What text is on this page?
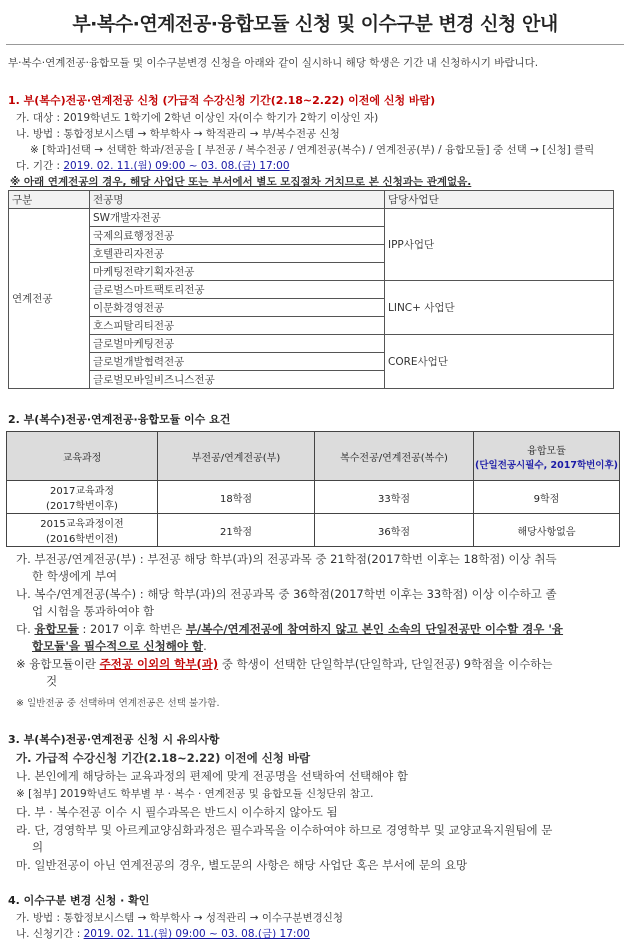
부·복수·연계전공·융합모듈 신청 및 이수구분 변경 신청 안내
부·복수·연계전공·융합모듈 및 이수구분변경 신청을 아래와 같이 실시하니 해당 학생은 기간 내 신청하시기 바랍니다.
1. 부(복수)전공·연계전공 신청 (가급적 수강신청 기간(2.18~2.22) 이전에 신청 바람)
가. 대상 : 2019학년도 1학기에 2학년 이상인 자(이수 학기가 2학기 이상인 자)
나. 방법 : 통합정보시스템 → 학부학사 → 학적관리 → 부/복수전공 신청
※ [학과]선택 → 선택한 학과/전공을 [ 부전공 / 복수전공 / 연계전공(복수) / 연계전공(부) / 융합모듈] 중 선택 → [신청] 클릭
다. 기간 : 2019. 02. 11.(월) 09:00 ~ 03. 08.(금) 17:00
※ 아래 연계전공의 경우, 해당 사업단 또는 부서에서 별도 모집절차 거치므로 본 신청과는 관계없음.
구분	전공명	담당사업단
연계전공	SW개발자전공	IPP사업단
	국제의료행정전공	
	호텔관리자전공	
	마케팅전략기획자전공	
	글로벌스마트팩토리전공	LINC+ 사업단
	이문화경영전공	
	호스피탈리티전공	
	글로벌마케팅전공	CORE사업단
	글로벌개발협력전공	
	글로벌모바일비즈니스전공	
2. 부(복수)전공·연계전공·융합모듈 이수 요건
교육과정	부전공/연계전공(부)	복수전공/연계전공(복수)	융합모듈
(단일전공시필수, 2017학번이후)

2017교육과정
(2017학번이후)	18학점	33학점	9학점

2015교육과정이전
(2016학번이전)	21학점	36학점	해당사항없음
가. 부전공/연계전공(부) : 부전공 해당 학부(과)의 전공과목 중 21학점(2017학번 이후는 18학점) 이상 취득
한 학생에게 부여
나. 복수/연계전공(복수) : 해당 학부(과)의 전공과목 중 36학점(2017학번 이후는 33학점) 이상 이수하고 졸
업 시험을 통과하여야 함
다. 융합모듈 : 2017 이후 학번은 부/복수/연계전공에 참여하지 않고 본인 소속의 단일전공만 이수할 경우 '융
합모듈'을 필수적으로 신청해야 함.
※ 융합모듈이란 주전공 이외의 학부(과) 중 학생이 선택한 단일학부(단일학과, 단일전공) 9학점을 이수하는
것
※ 일반전공 중 선택하며 연계전공은 선택 불가함.
3. 부(복수)전공·연계전공 신청 시 유의사항
가. 가급적 수강신청 기간(2.18~2.22) 이전에 신청 바람
나. 본인에게 해당하는 교육과정의 편제에 맞게 전공명을 선택하여 선택해야 함
※ [첨부] 2019학년도 학부별 부 · 복수 · 연계전공 및 융합모듈 신청단위 참고.
다. 부 · 복수전공 이수 시 필수과목은 반드시 이수하지 않아도 됨
라. 단, 경영학부 및 아르케교양심화과정은 필수과목을 이수하여야 하므로 경영학부 및 교양교육지원팀에 문
의
마. 일반전공이 아닌 연계전공의 경우, 별도문의 사항은 해당 사업단 혹은 부서에 문의 요망
4. 이수구분 변경 신청 · 확인
가. 방법 : 통합정보시스템 → 학부학사 → 성적관리 → 이수구분변경신청
나. 신청기간 : 2019. 02. 11.(월) 09:00 ~ 03. 08.(금) 17:00
